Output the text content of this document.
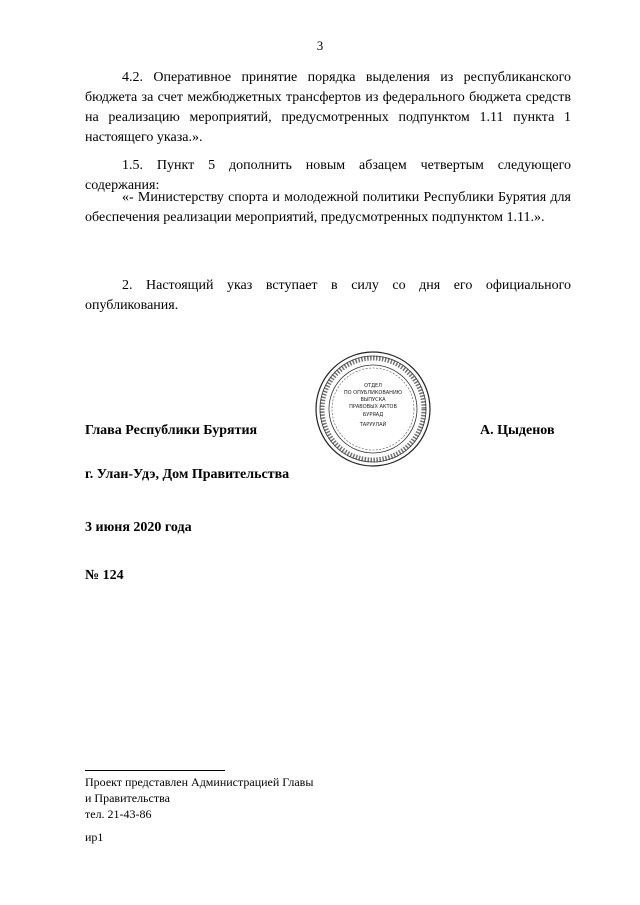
3

4.2. Оперативное принятие порядка выделения из республиканского бюджета за счет межбюджетных трансфертов из федерального бюджета средств на реализацию мероприятий, предусмотренных подпунктом 1.11 пункта 1 настоящего указа.».

1.5. Пункт 5 дополнить новым абзацем четвертым следующего содержания:

«- Министерству спорта и молодежной политики Республики Бурятия для обеспечения реализации мероприятий, предусмотренных подпунктом 1.11.».

2. Настоящий указ вступает в силу со дня его официального опубликования.

Глава Республики Бурятия
ОТДЕЛ
ПО ОПУБЛИКОВАНИЮ
ВЫПУСКА
ПРАВОВЫХ АКТОВ
БУРЯАД
ТАРУУЛАЙ	А. Цыденов
г. Улан-Удэ, Дом Правительства
3 июня 2020 года
№ 124
Проект представлен Администрацией Главы
и Правительства
тел. 21-43-86
ир1
